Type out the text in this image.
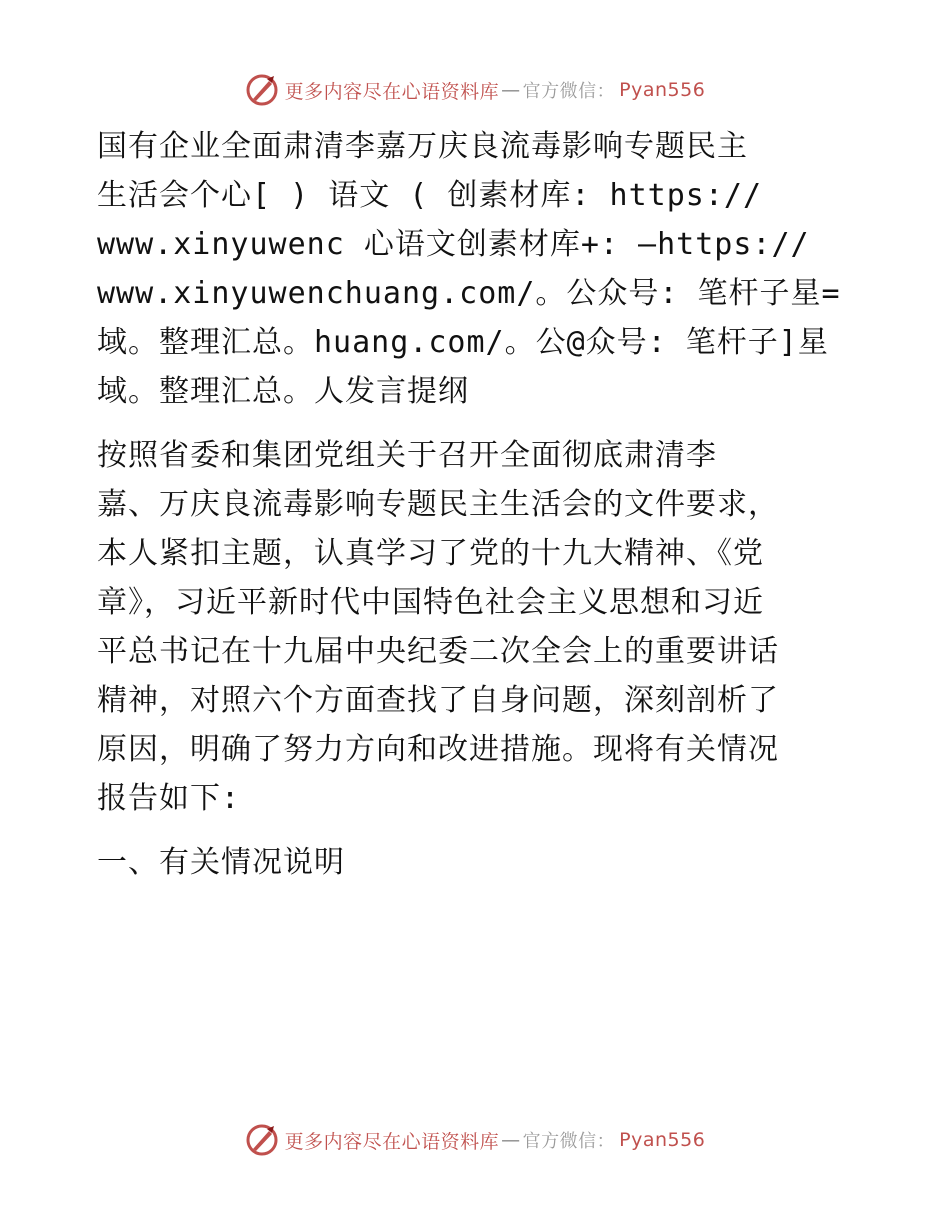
更多内容尽在心语资料库 — 官方微信： Pyan556

国有企业全面肃清李嘉万庆良流毒影响专题民主
生活会个心[ ) 语文 ( 创素材库: https://
www.xinyuwenc 心语文创素材库+: —https://
www.xinyuwenchuang.com/。公众号: 笔杆子星=
域。整理汇总。huang.com/。公@众号: 笔杆子]星
域。整理汇总。人发言提纲

按照省委和集团党组关于召开全面彻底肃清李
嘉、万庆良流毒影响专题民主生活会的文件要求，
本人紧扣主题，认真学习了党的十九大精神、《党
章》，习近平新时代中国特色社会主义思想和习近
平总书记在十九届中央纪委二次全会上的重要讲话
精神，对照六个方面查找了自身问题，深刻剖析了
原因，明确了努力方向和改进措施。现将有关情况
报告如下:

一、有关情况说明

更多内容尽在心语资料库 — 官方微信： Pyan556
